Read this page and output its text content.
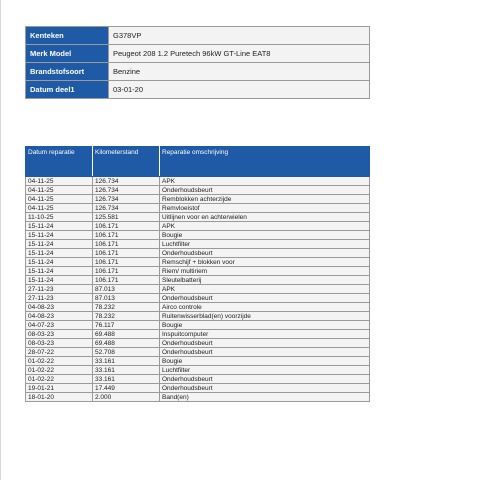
Kenteken	G378VP
Merk Model	Peugeot 208 1.2 Puretech 96kW GT-Line EAT8
Brandstofsoort	Benzine
Datum deel1	03-01-20
Datum reparatie	Kilometerstand	Reparatie omschrijving
04-11-25	126.734	APK
04-11-25	126.734	Onderhoudsbeurt
04-11-25	126.734	Remblokken achterzijde
04-11-25	126.734	Remvloeistof
11-10-25	125.581	Uitlijnen voor en achterwielen
15-11-24	106.171	APK
15-11-24	106.171	Bougie
15-11-24	106.171	Luchtfilter
15-11-24	106.171	Onderhoudsbeurt
15-11-24	106.171	Remschijf + blokken voor
15-11-24	106.171	Riem/ multiriem
15-11-24	106.171	Sleutelbatterij
27-11-23	87.013	APK
27-11-23	87.013	Onderhoudsbeurt
04-08-23	78.232	Airco controle
04-08-23	78.232	Ruitenwisserblad(en) voorzijde
04-07-23	76.117	Bougie
08-03-23	69.488	Inspuitcomputer
08-03-23	69.488	Onderhoudsbeurt
28-07-22	52.708	Onderhoudsbeurt
01-02-22	33.161	Bougie
01-02-22	33.161	Luchtfilter
01-02-22	33.161	Onderhoudsbeurt
19-01-21	17.449	Onderhoudsbeurt
18-01-20	2.000	Band(en)
